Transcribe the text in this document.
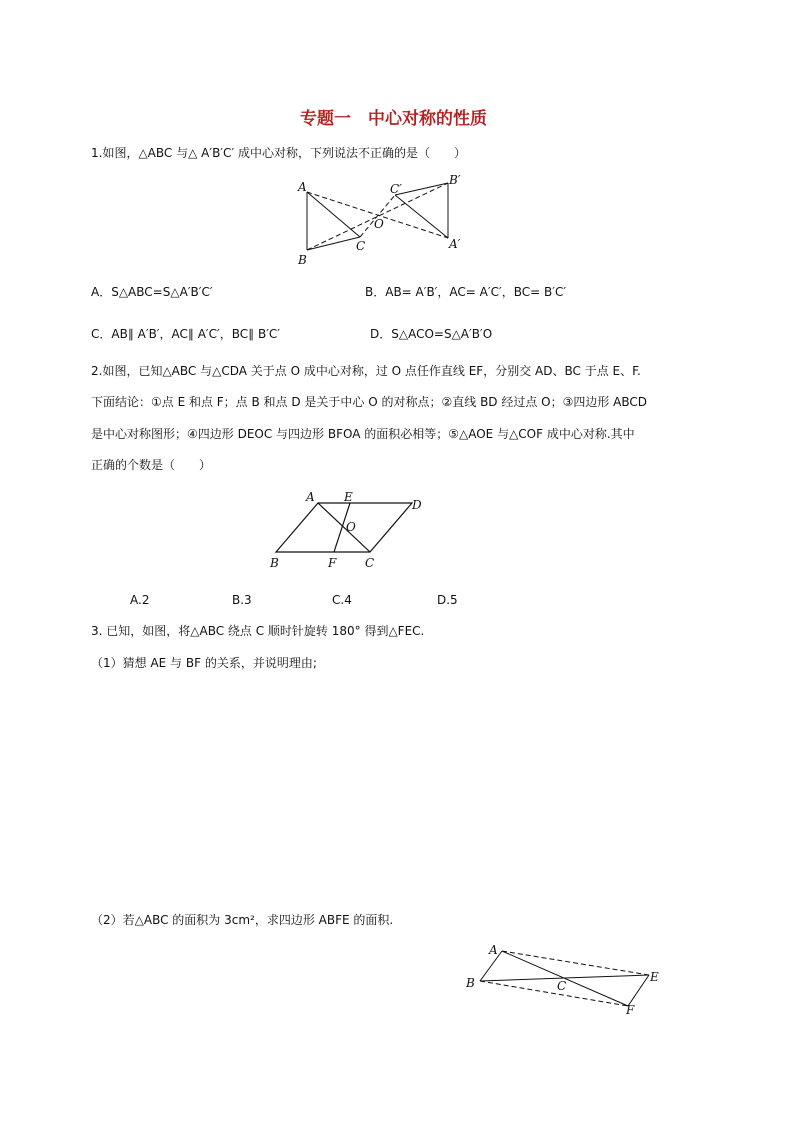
专题一　中心对称的性质
1.如图，△ABC 与△ A′B′C′ 成中心对称，下列说法不正确的是（　　）
A
B
C
O
A′
B′
C′
A．S△ABC=S△A′B′C′	B．AB= A′B′，AC= A′C′，BC= B′C′
C．AB∥ A′B′，AC∥ A′C′，BC∥ B′C′	D．S△ACO=S△A′B′O
2.如图，已知△ABC 与△CDA 关于点 O 成中心对称，过 O 点任作直线 EF，分别交 AD、BC 于点 E、F.
下面结论：①点 E 和点 F；点 B 和点 D 是关于中心 O 的对称点；②直线 BD 经过点 O；③四边形 ABCD
是中心对称图形；④四边形 DEOC 与四边形 BFOA 的面积必相等；⑤△AOE 与△COF 成中心对称.其中
正确的个数是（　　）
A E
D
O
B	F C
A.2	B.3	C.4	D.5
3. 已知，如图，将△ABC 绕点 C 顺时针旋转 180° 得到△FEC.
（1）猜想 AE 与 BF 的关系，并说明理由;
（2）若△ABC 的面积为 3cm²，求四边形 ABFE 的面积.
A
B	C
E
F
